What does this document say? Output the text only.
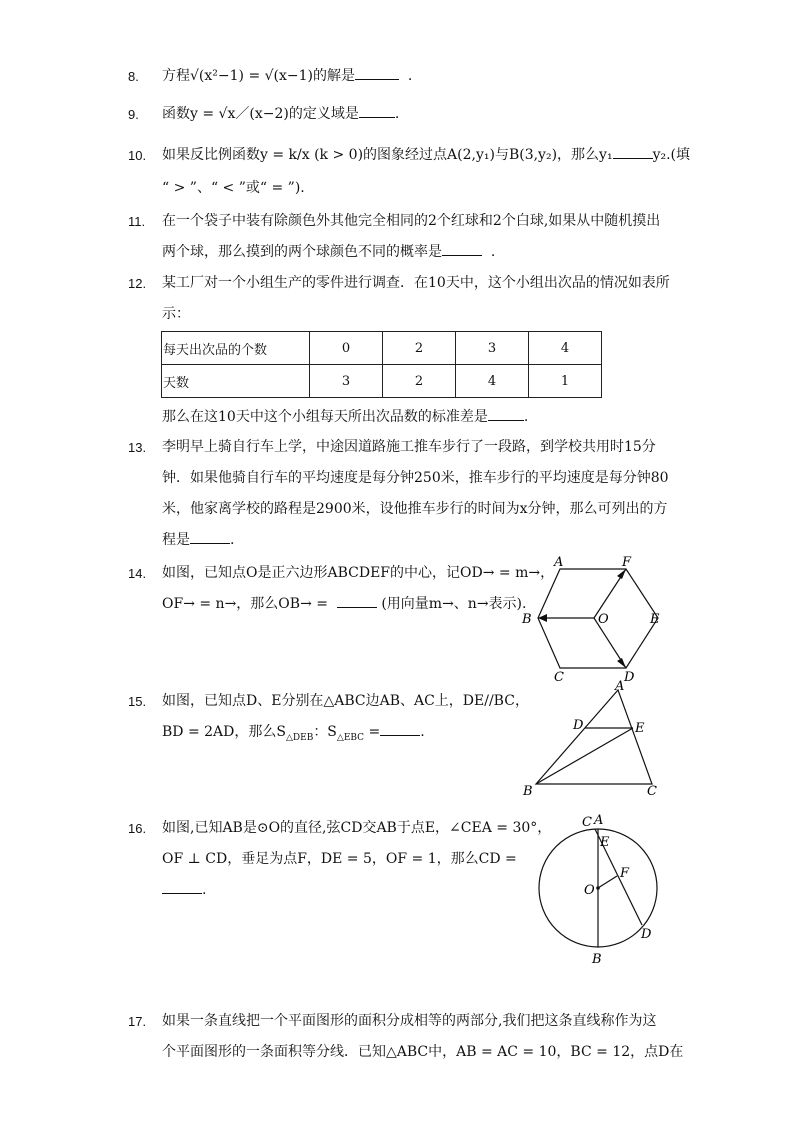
8.	方程√(x²−1) = √(x−1)的解是	.
9.	函数y = √x／(x−2)的定义域是	.
10.	如果反比例函数y = k/x (k > 0)的图象经过点A(2,y₁)与B(3,y₂)，那么y₁	y₂.(填
“ > ”、“ < ”或“ = ”).
11.	在一个袋子中装有除颜色外其他完全相同的2个红球和2个白球,如果从中随机摸出
两个球，那么摸到的两个球颜色不同的概率是	.
12.	某工厂对一个小组生产的零件进行调查．在10天中，这个小组出次品的情况如表所
示：
每天出次品的个数	0	2	3	4
天数	3	2	4	1
那么在这10天中这个小组每天所出次品数的标准差是	.
13.	李明早上骑自行车上学，中途因道路施工推车步行了一段路，到学校共用时15分
钟．如果他骑自行车的平均速度是每分钟250米，推车步行的平均速度是每分钟80
米，他家离学校的路程是2900米，设他推车步行的时间为x分钟，那么可列出的方
程是	.
14.	如图，已知点O是正六边形ABCDEF的中心，记OD→ = m→，
OF→ = n→，那么OB→ =	(用向量m→、n→表示).
A	F
B	O	E
C	D
15.	如图，已知点D、E分别在△ABC边AB、AC上，DE//BC，
BD = 2AD，那么$S_{\triangle DEB}$：$S_{\triangle EBC}$ =	.
A
D	E
B	C
16.	如图,已知AB是⊙O的直径,弦CD交AB于点E，∠CEA = 30°，
OF ⊥ CD，垂足为点F，DE = 5，OF = 1，那么CD =
.
C A
E
F
O
D
B
17.	如果一条直线把一个平面图形的面积分成相等的两部分,我们把这条直线称作为这
个平面图形的一条面积等分线．已知△ABC中，AB = AC = 10，BC = 12，点D在
